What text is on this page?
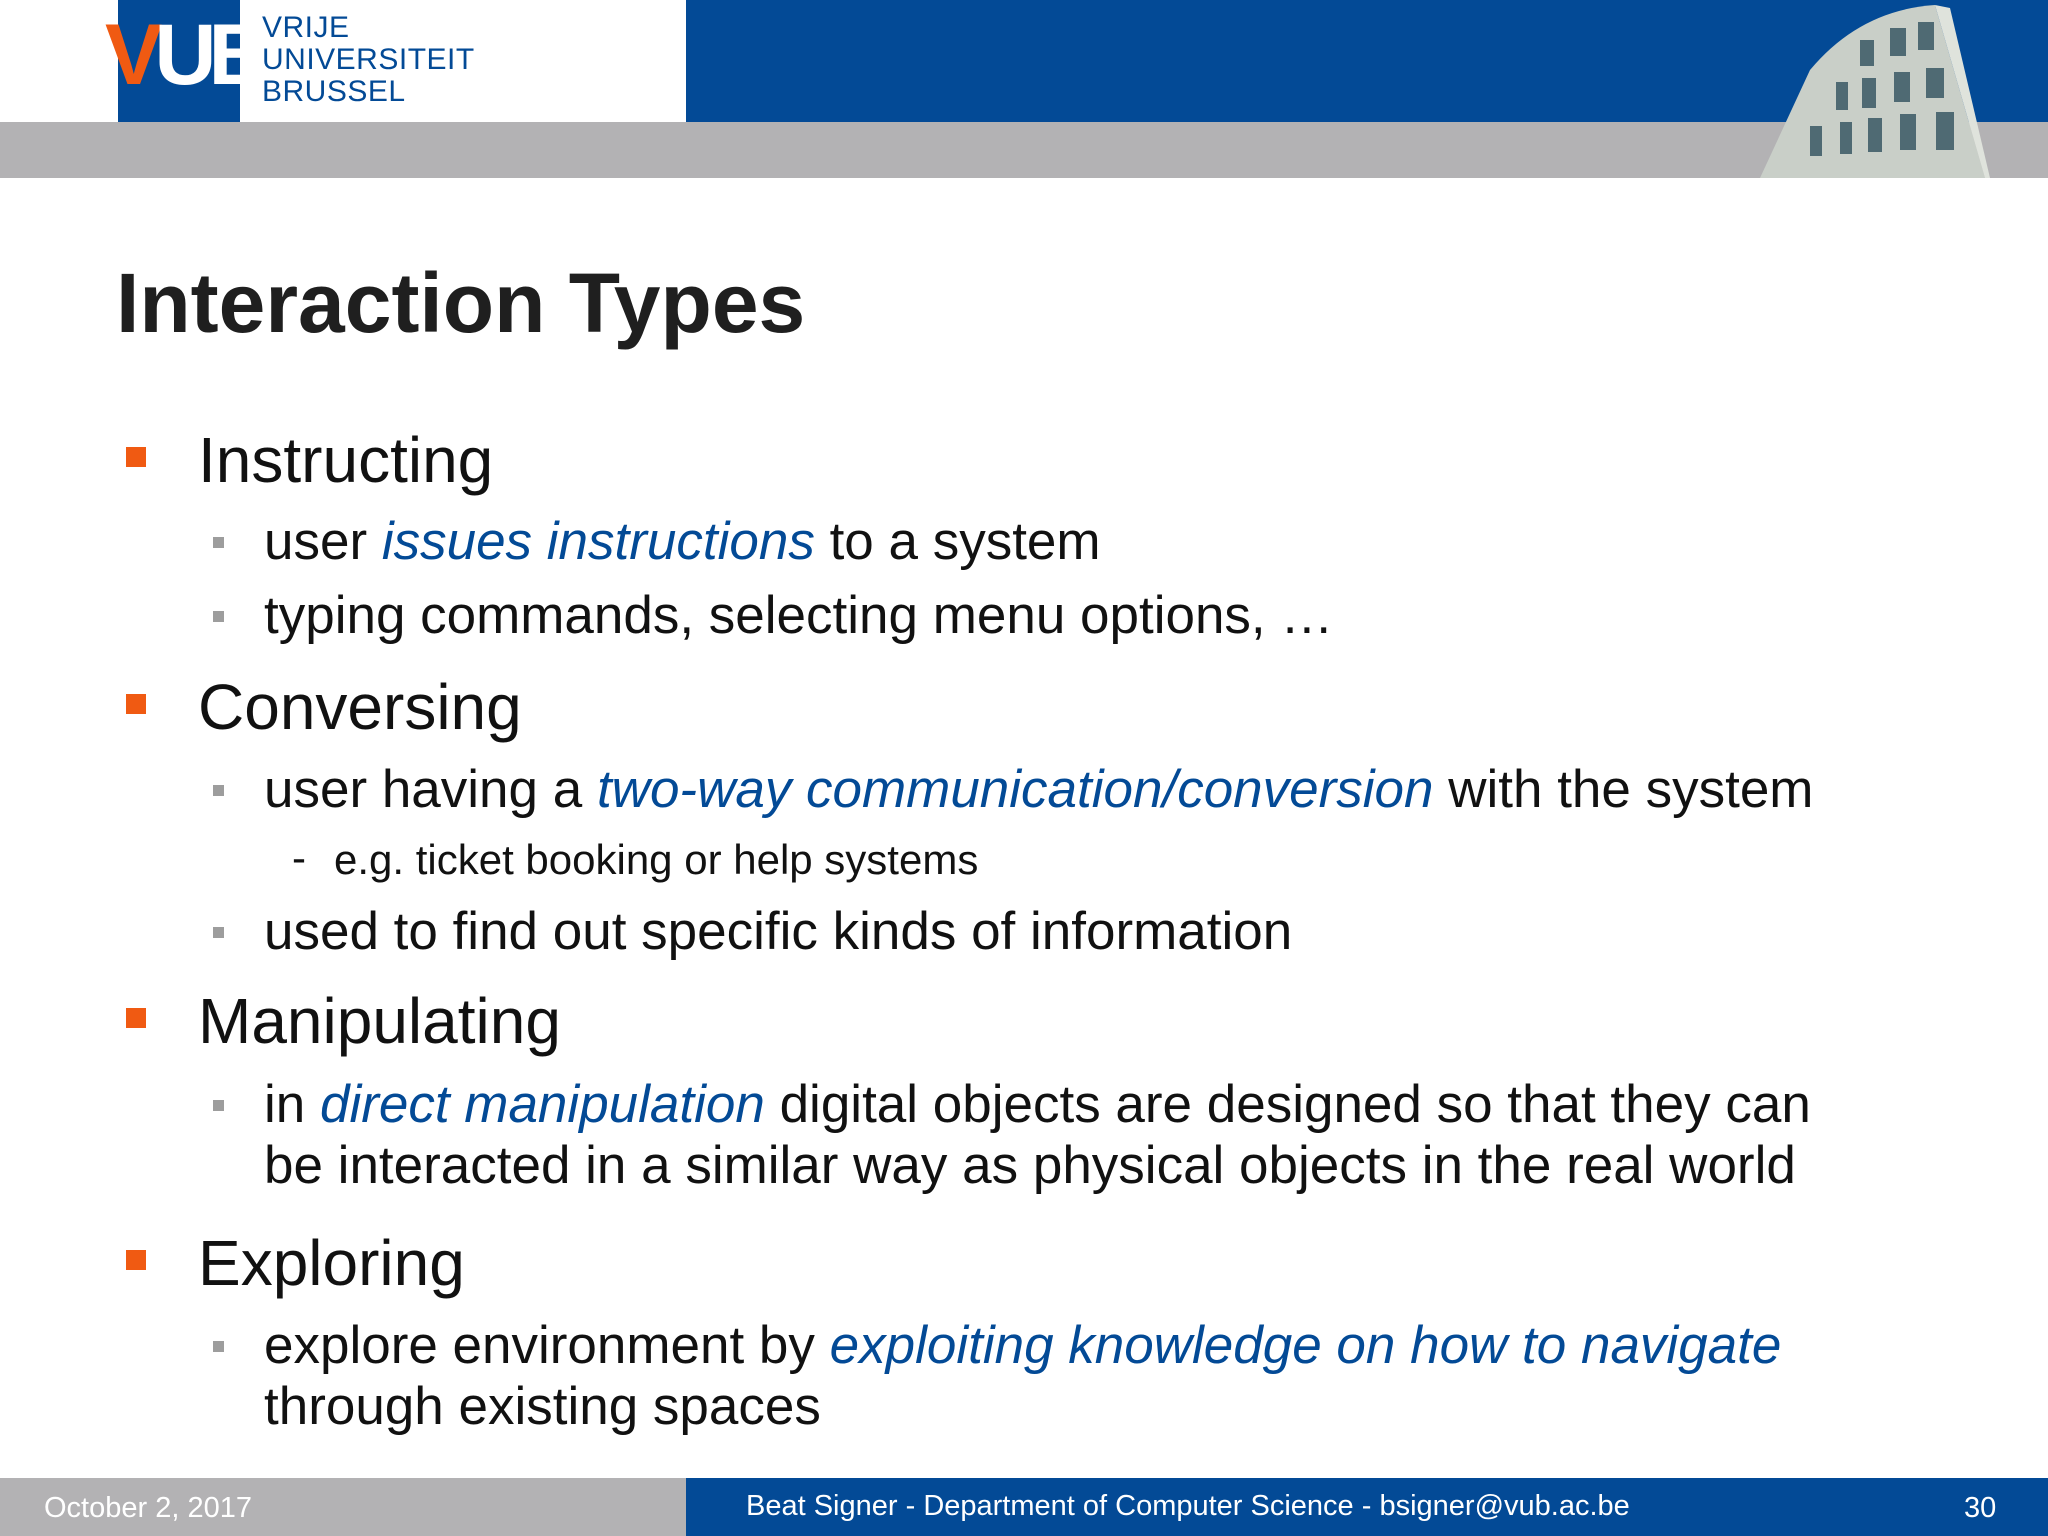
VUB VRIJE
UNIVERSITEIT
BRUSSEL
Interaction Types
Instructing
user issues instructions to a system
typing commands, selecting menu options, …
Conversing
user having a two-way communication/conversion with the system
- e.g. ticket booking or help systems
used to find out specific kinds of information
Manipulating
in direct manipulation digital objects are designed so that they can
be interacted in a similar way as physical objects in the real world
Exploring
explore environment by exploiting knowledge on how to navigate
through existing spaces
October 2, 2017	Beat Signer - Department of Computer Science - bsigner@vub.ac.be	30
